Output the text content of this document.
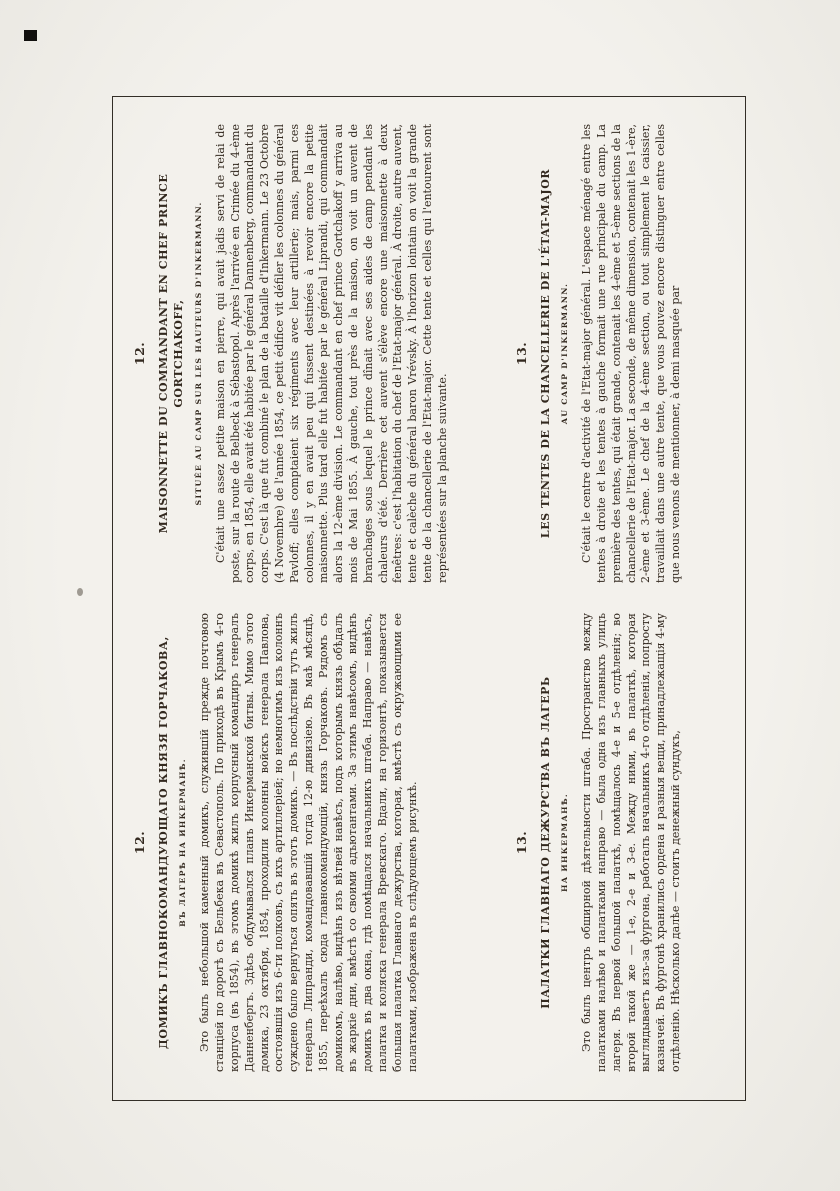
12. ДОМИКЪ ГЛАВНОКОМАНДУЮЩАГО КНЯЗЯ ГОРЧАКОВА, ВЪ ЛАГЕРѢ НА ИНКЕРМАНѢ. Это былъ небольшой каменный домикъ, служившій прежде почтовою станціей по дорогѣ съ Бельбека въ Севастополь. По приходѣ въ Крымъ 4-го корпуса (въ 1854), въ этомъ домикѣ жилъ корпусный командиръ генералъ Данненбергъ. Здѣсь обдумывался планъ Инкерманской битвы. Мимо этого домика, 23 октября, 1854, проходили колонны войскъ генерала Павлова, состоявшія изъ 6-ти полковъ, съ ихъ артиллеріей; но немногимъ изъ колоннъ суждено было вернуться опять въ этотъ домикъ. — Въ послѣдствіи тутъ жилъ генералъ Липранди, командовавшій тогда 12-ю дивизіею. Въ маѣ мѣсяцѣ, 1855, переѣхалъ сюда главнокомандующій, князь Горчаковъ. Рядомъ съ домикомъ, налѣво, видѣнъ изъ вѣтвей навѣсъ, подъ которымъ князь обѣдалъ въ жаркіе дни, вмѣстѣ со своими адъютантами. За этимъ навѣсомъ, видѣнъ домикъ въ два окна, гдѣ помѣщался начальникъ штаба. Направо — навѣсъ, палатка и коляска генерала Вревскаго. Вдали, на горизонтѣ, показывается большая палатка Главнаго дежурства, которая, вмѣстѣ съ окружающими ее палатками, изображена въ слѣдующемъ рисункѣ.

12. MAISONNETTE DU COMMANDANT EN CHEF PRINCE GORTCHAKOFF, SITUÉE AU CAMP SUR LES HAUTEURS D'INKERMANN. C'était une assez petite maison en pierre, qui avait jadis servi de relai de poste, sur la route de Belbeck à Sébastopol. Après l'arrivée en Crimée du 4-ème corps, en 1854, elle avait été habitée par le général Dannenberg, commandant du corps. C'est là que fut combiné le plan de la bataille d'Inkermann. Le 23 Octobre (4 Novembre) de l'année 1854, ce petit édifice vit défiler les colonnes du général Pavloff; elles comptaient six régiments avec leur artillerie; mais, parmi ces colonnes, il y en avait peu qui fussent destinées à revoir encore la petite maisonnette. Plus tard elle fut habitée par le général Liprandi, qui commandait alors la 12-ème division. Le commandant en chef prince Gortchakoff y arriva au mois de Mai 1855. À gauche, tout près de la maison, on voit un auvent de branchages sous lequel le prince dînait avec ses aides de camp pendant les chaleurs d'été. Derrière cet auvent s'élève encore une maisonnette à deux fenêtres: c'est l'habitation du chef de l'Etat-major général. À droite, autre auvent, tente et calèche du général baron Vrévsky. À l'horizon lointain on voit la grande tente de la chancellerie de l'Etat-major. Cette tente et celles qui l'entourent sont représentées sur la planche suivante.

13. ПАЛАТКИ ГЛАВНАГО ДЕЖУРСТВА ВЪ ЛАГЕРЬ НА ИНКЕРМАНѢ. Это былъ центръ обширной дѣятельности штаба. Пространство между палатками налѣво и палатками направо — была одна изъ главныхъ улицъ лагеря. Въ первой большой палаткѣ, помѣщалось 4-е и 5-е отдѣленія; во второй такой же — 1-е, 2-е и 3-е. Между ними, въ палаткѣ, которая выглядываетъ изъ-за фургона, работалъ начальникъ 4-го отдѣленія, попросту казначей. Въ фургонѣ хранились ордена и разныя вещи, принадлежащія 4-му отдѣленію. Нѣсколько далѣе — стоитъ денежный сундукъ,

13. LES TENTES DE LA CHANCELLERIE DE L'ÉTAT-MAJOR AU CAMP D'INKERMANN. C'était le centre d'activité de l'Etat-major général. L'espace ménagé entre les tentes à droite et les tentes à gauche formait une rue principale du camp. La première des tentes, qui était grande, contenait les 4-ème et 5-ème sections de la chancellerie de l'Etat-major. La seconde, de même dimension, contenait les 1-ère, 2-ème et 3-ème. Le chef de la 4-ème section, ou tout simplement le caissier, travaillait dans une autre tente, que vous pouvez encore distinguer entre celles que nous venons de mentionner, à demi masquée par
